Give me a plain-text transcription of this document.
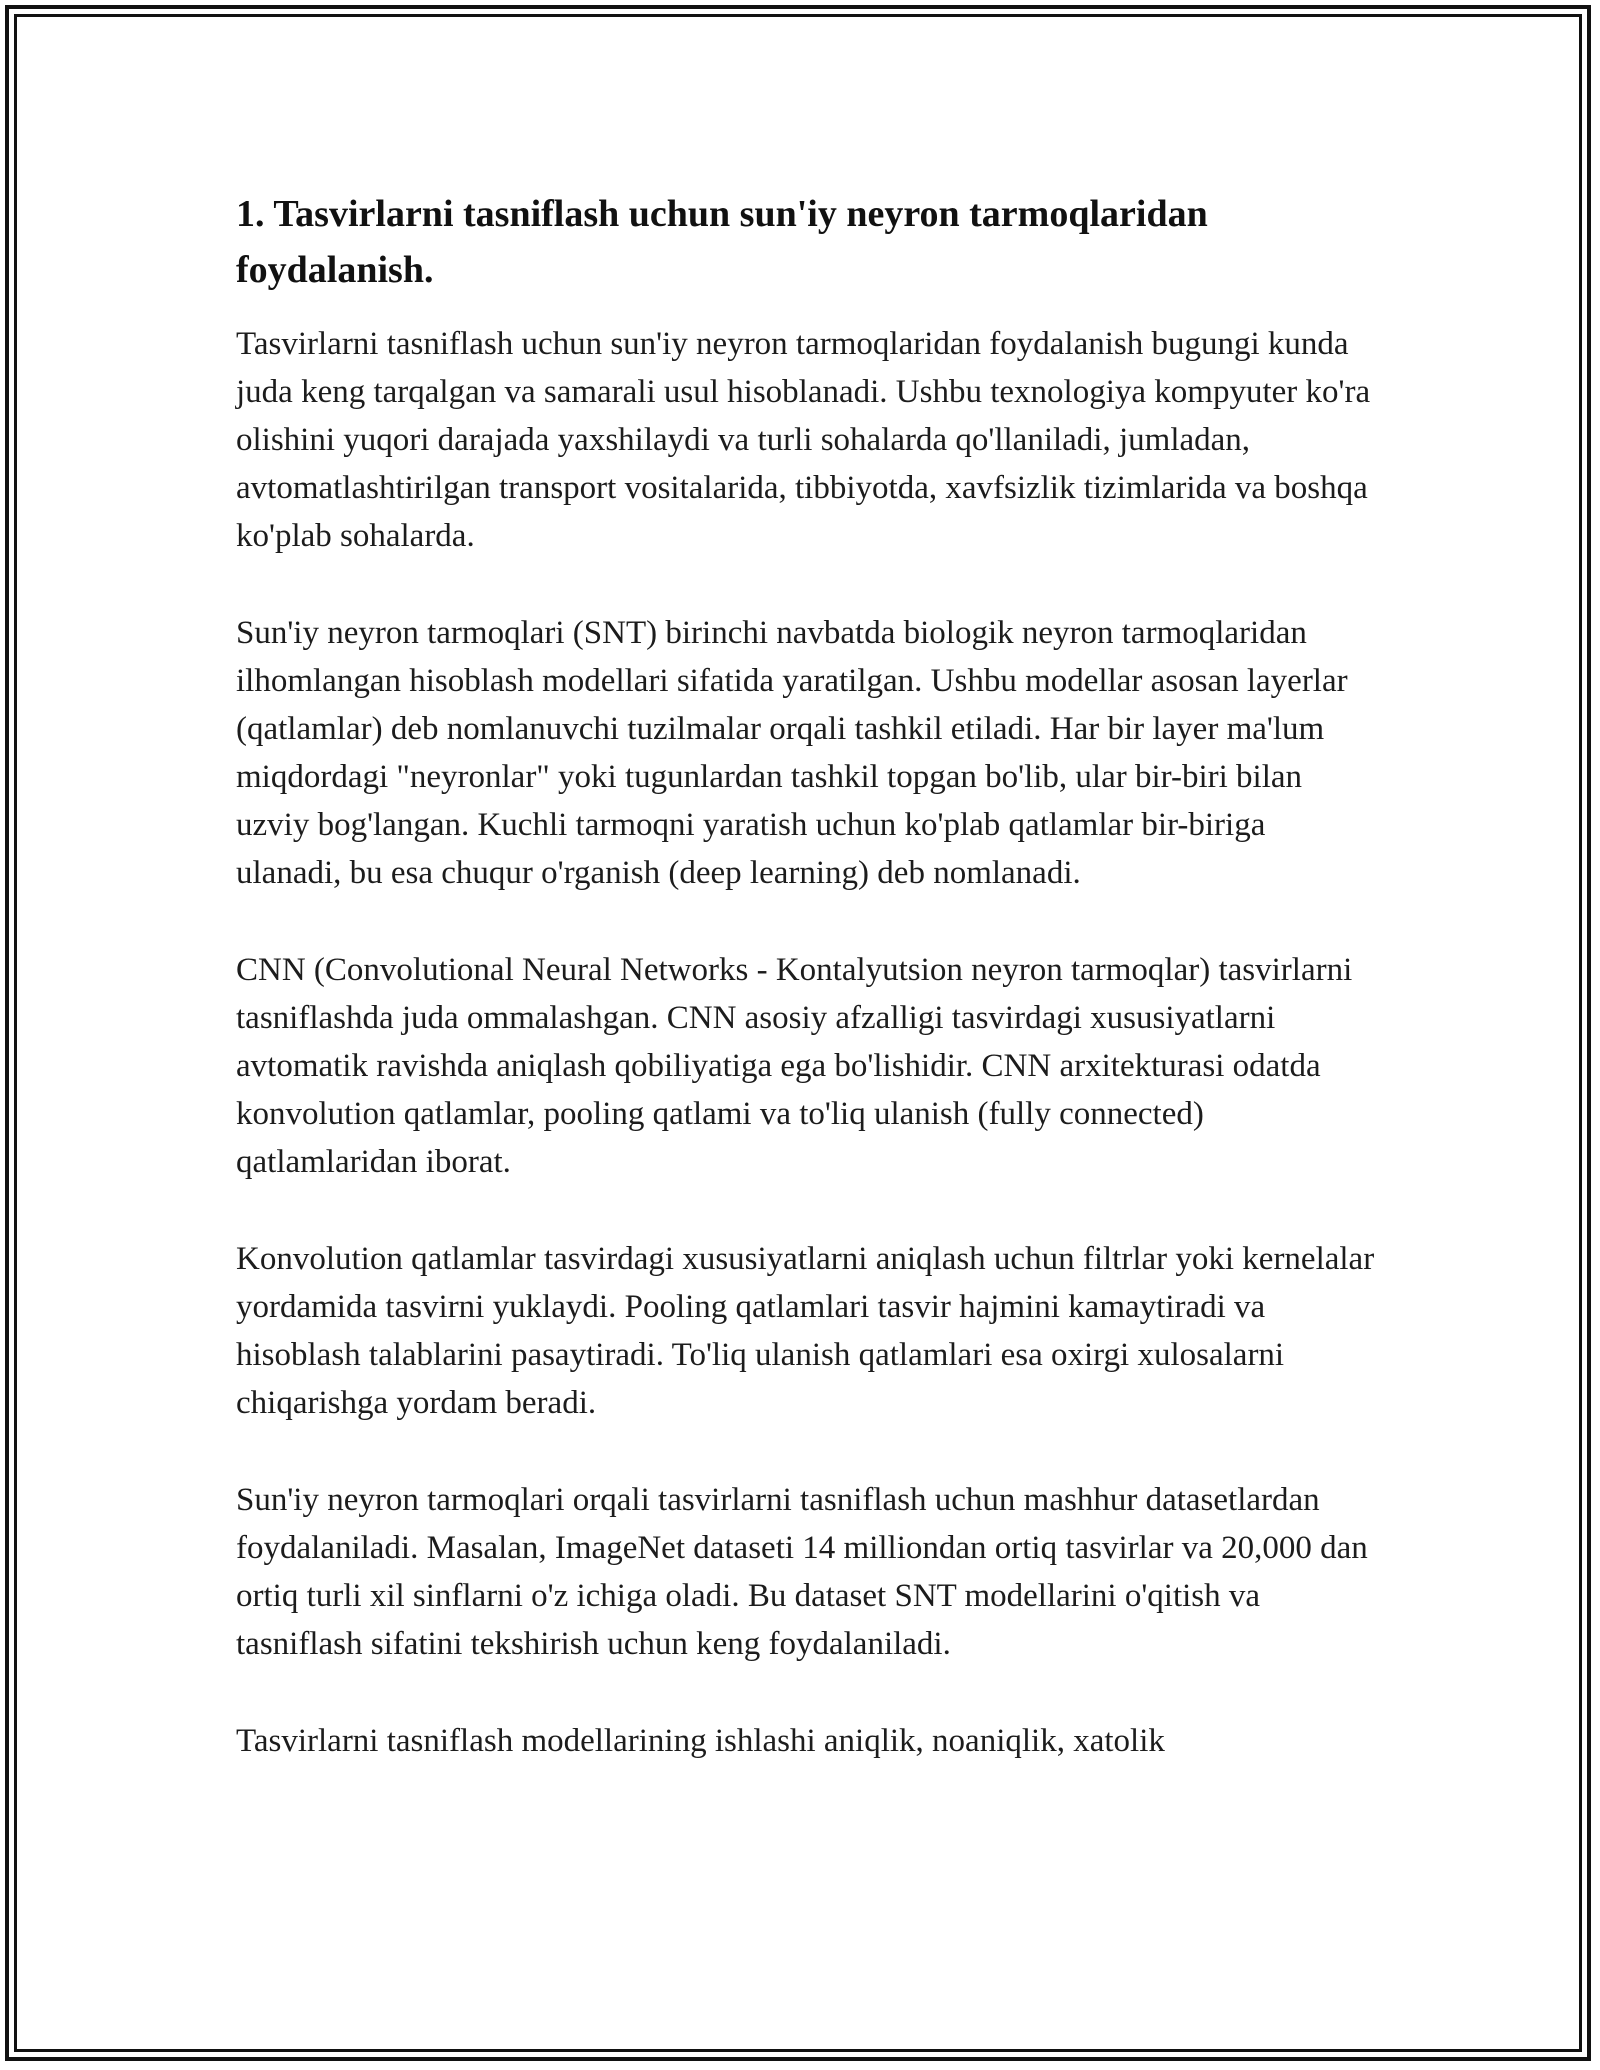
1. Tasvirlarni tasniflash uchun sun'iy neyron tarmoqlaridan foydalanish.

Tasvirlarni tasniflash uchun sun'iy neyron tarmoqlaridan foydalanish bugungi kunda juda keng tarqalgan va samarali usul hisoblanadi. Ushbu texnologiya kompyuter ko'ra olishini yuqori darajada yaxshilaydi va turli sohalarda qo'llaniladi, jumladan, avtomatlashtirilgan transport vositalarida, tibbiyotda, xavfsizlik tizimlarida va boshqa ko'plab sohalarda.

Sun'iy neyron tarmoqlari (SNT) birinchi navbatda biologik neyron tarmoqlaridan ilhomlangan hisoblash modellari sifatida yaratilgan. Ushbu modellar asosan layerlar (qatlamlar) deb nomlanuvchi tuzilmalar orqali tashkil etiladi. Har bir layer ma'lum miqdordagi "neyronlar" yoki tugunlardan tashkil topgan bo'lib, ular bir-biri bilan uzviy bog'langan. Kuchli tarmoqni yaratish uchun ko'plab qatlamlar bir-biriga ulanadi, bu esa chuqur o'rganish (deep learning) deb nomlanadi.

CNN (Convolutional Neural Networks - Kontalyutsion neyron tarmoqlar) tasvirlarni tasniflashda juda ommalashgan. CNN asosiy afzalligi tasvirdagi xususiyatlarni avtomatik ravishda aniqlash qobiliyatiga ega bo'lishidir. CNN arxitekturasi odatda konvolution qatlamlar, pooling qatlami va to'liq ulanish (fully connected) qatlamlaridan iborat.

Konvolution qatlamlar tasvirdagi xususiyatlarni aniqlash uchun filtrlar yoki kernelalar yordamida tasvirni yuklaydi. Pooling qatlamlari tasvir hajmini kamaytiradi va hisoblash talablarini pasaytiradi. To'liq ulanish qatlamlari esa oxirgi xulosalarni chiqarishga yordam beradi.

Sun'iy neyron tarmoqlari orqali tasvirlarni tasniflash uchun mashhur datasetlardan foydalaniladi. Masalan, ImageNet dataseti 14 milliondan ortiq tasvirlar va 20,000 dan ortiq turli xil sinflarni o'z ichiga oladi. Bu dataset SNT modellarini o'qitish va tasniflash sifatini tekshirish uchun keng foydalaniladi.

Tasvirlarni tasniflash modellarining ishlashi aniqlik, noaniqlik, xatolik
